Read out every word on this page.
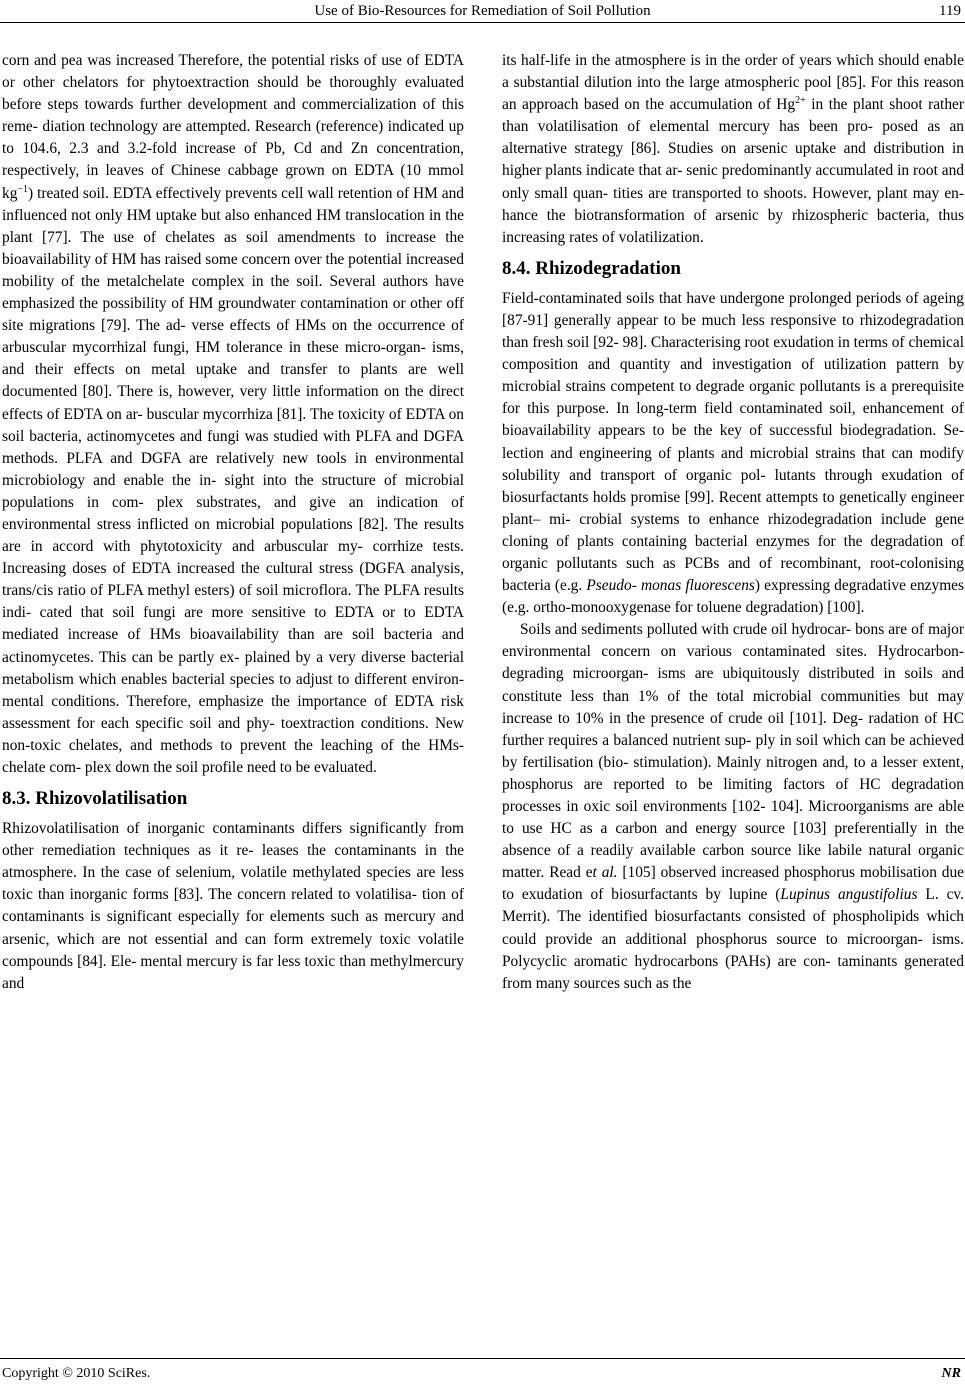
Use of Bio-Resources for Remediation of Soil Pollution	119

corn and pea was increased Therefore, the potential risks of use of EDTA or other chelators for phytoextraction should be thoroughly evaluated before steps towards further development and commercialization of this reme- diation technology are attempted. Research (reference) indicated up to 104.6, 2.3 and 3.2-fold increase of Pb, Cd and Zn concentration, respectively, in leaves of Chinese cabbage grown on EDTA (10 mmol $kg^{-1}$) treated soil. EDTA effectively prevents cell wall retention of HM and influenced not only HM uptake but also enhanced HM translocation in the plant [77]. The use of chelates as soil amendments to increase the bioavailability of HM has raised some concern over the potential increased mobility of the metalchelate complex in the soil. Several authors have emphasized the possibility of HM groundwater contamination or other off site migrations [79]. The ad- verse effects of HMs on the occurrence of arbuscular mycorrhizal fungi, HM tolerance in these micro-organ- isms, and their effects on metal uptake and transfer to plants are well documented [80]. There is, however, very little information on the direct effects of EDTA on ar- buscular mycorrhiza [81]. The toxicity of EDTA on soil bacteria, actinomycetes and fungi was studied with PLFA and DGFA methods. PLFA and DGFA are relatively new tools in environmental microbiology and enable the in- sight into the structure of microbial populations in com- plex substrates, and give an indication of environmental stress inflicted on microbial populations [82]. The results are in accord with phytotoxicity and arbuscular my- corrhize tests. Increasing doses of EDTA increased the cultural stress (DGFA analysis, trans/cis ratio of PLFA methyl esters) of soil microflora. The PLFA results indi- cated that soil fungi are more sensitive to EDTA or to EDTA mediated increase of HMs bioavailability than are soil bacteria and actinomycetes. This can be partly ex- plained by a very diverse bacterial metabolism which enables bacterial species to adjust to different environ- mental conditions. Therefore, emphasize the importance of EDTA risk assessment for each specific soil and phy- toextraction conditions. New non-toxic chelates, and methods to prevent the leaching of the HMs-chelate com- plex down the soil profile need to be evaluated.

8.3. Rhizovolatilisation

Rhizovolatilisation of inorganic contaminants differs significantly from other remediation techniques as it re- leases the contaminants in the atmosphere. In the case of selenium, volatile methylated species are less toxic than inorganic forms [83]. The concern related to volatilisa- tion of contaminants is significant especially for elements such as mercury and arsenic, which are not essential and can form extremely toxic volatile compounds [84]. Ele- mental mercury is far less toxic than methylmercury and

its half-life in the atmosphere is in the order of years which should enable a substantial dilution into the large atmospheric pool [85]. For this reason an approach based on the accumulation of $Hg^{2+}$ in the plant shoot rather than volatilisation of elemental mercury has been pro- posed as an alternative strategy [86]. Studies on arsenic uptake and distribution in higher plants indicate that ar- senic predominantly accumulated in root and only small quan- tities are transported to shoots. However, plant may en- hance the biotransformation of arsenic by rhizospheric bacteria, thus increasing rates of volatilization.

8.4. Rhizodegradation

Field-contaminated soils that have undergone prolonged periods of ageing [87-91] generally appear to be much less responsive to rhizodegradation than fresh soil [92- 98]. Characterising root exudation in terms of chemical composition and quantity and investigation of utilization pattern by microbial strains competent to degrade organic pollutants is a prerequisite for this purpose. In long-term field contaminated soil, enhancement of bioavailability appears to be the key of successful biodegradation. Se- lection and engineering of plants and microbial strains that can modify solubility and transport of organic pol- lutants through exudation of biosurfactants holds promise [99]. Recent attempts to genetically engineer plant– mi- crobial systems to enhance rhizodegradation include gene cloning of plants containing bacterial enzymes for the degradation of organic pollutants such as PCBs and of recombinant, root-colonising bacteria (e.g. Pseudo- monas fluorescens) expressing degradative enzymes (e.g. ortho-monooxygenase for toluene degradation) [100].

Soils and sediments polluted with crude oil hydrocar- bons are of major environmental concern on various contaminated sites. Hydrocarbon-degrading microorgan- isms are ubiquitously distributed in soils and constitute less than 1% of the total microbial communities but may increase to 10% in the presence of crude oil [101]. Deg- radation of HC further requires a balanced nutrient sup- ply in soil which can be achieved by fertilisation (bio- stimulation). Mainly nitrogen and, to a lesser extent, phosphorus are reported to be limiting factors of HC degradation processes in oxic soil environments [102- 104]. Microorganisms are able to use HC as a carbon and energy source [103] preferentially in the absence of a readily available carbon source like labile natural organic matter. Read et al. [105] observed increased phosphorus mobilisation due to exudation of biosurfactants by lupine (Lupinus angustifolius L. cv. Merrit). The identified biosurfactants consisted of phospholipids which could provide an additional phosphorus source to microorgan- isms. Polycyclic aromatic hydrocarbons (PAHs) are con- taminants generated from many sources such as the

Copyright © 2010 SciRes.	NR
